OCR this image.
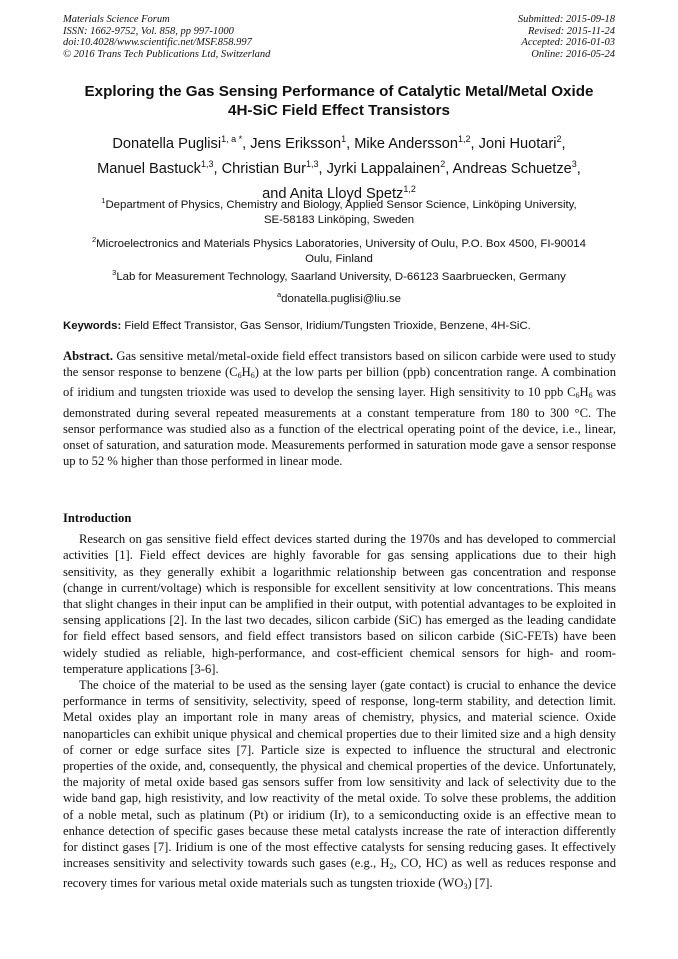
Materials Science Forum
ISSN: 1662-9752, Vol. 858, pp 997-1000
doi:10.4028/www.scientific.net/MSF.858.997
© 2016 Trans Tech Publications Ltd, Switzerland
Submitted: 2015-09-18
Revised: 2015-11-24
Accepted: 2016-01-03
Online: 2016-05-24
Exploring the Gas Sensing Performance of Catalytic Metal/Metal Oxide
4H-SiC Field Effect Transistors
Donatella Puglisi$^{1, a *}$, Jens Eriksson$^1$, Mike Andersson$^{1,2}$, Joni Huotari$^2$,
Manuel Bastuck$^{1,3}$, Christian Bur$^{1,3}$, Jyrki Lappalainen$^2$, Andreas Schuetze$^3$,
and Anita Lloyd Spetz$^{1,2}$
$^1$Department of Physics, Chemistry and Biology, Applied Sensor Science, Linköping University,
SE-58183 Linköping, Sweden
$^2$Microelectronics and Materials Physics Laboratories, University of Oulu, P.O. Box 4500, FI-90014
Oulu, Finland
$^3$Lab for Measurement Technology, Saarland University, D-66123 Saarbruecken, Germany
$^a$donatella.puglisi@liu.se
Keywords: Field Effect Transistor, Gas Sensor, Iridium/Tungsten Trioxide, Benzene, 4H-SiC.

Abstract. Gas sensitive metal/metal-oxide field effect transistors based on silicon carbide were used to study the sensor response to benzene $(C_6H_6)$ at the low parts per billion (ppb) concentration range. A combination of iridium and tungsten trioxide was used to develop the sensing layer. High sensitivity to 10 ppb $C_6H_6$ was demonstrated during several repeated measurements at a constant temperature from 180 to 300 °C. The sensor performance was studied also as a function of the electrical operating point of the device, i.e., linear, onset of saturation, and saturation mode. Measurements performed in saturation mode gave a sensor response up to 52 % higher than those performed in linear mode.

Introduction

Research on gas sensitive field effect devices started during the 1970s and has developed to commercial activities [1]. Field effect devices are highly favorable for gas sensing applications due to their high sensitivity, as they generally exhibit a logarithmic relationship between gas concentration and response (change in current/voltage) which is responsible for excellent sensitivity at low concentrations. This means that slight changes in their input can be amplified in their output, with potential advantages to be exploited in sensing applications [2]. In the last two decades, silicon carbide (SiC) has emerged as the leading candidate for field effect based sensors, and field effect transistors based on silicon carbide (SiC-FETs) have been widely studied as reliable, high-performance, and cost-efficient chemical sensors for high- and room-temperature applications [3-6].

The choice of the material to be used as the sensing layer (gate contact) is crucial to enhance the device performance in terms of sensitivity, selectivity, speed of response, long-term stability, and detection limit. Metal oxides play an important role in many areas of chemistry, physics, and material science. Oxide nanoparticles can exhibit unique physical and chemical properties due to their limited size and a high density of corner or edge surface sites [7]. Particle size is expected to influence the structural and electronic properties of the oxide, and, consequently, the physical and chemical properties of the device. Unfortunately, the majority of metal oxide based gas sensors suffer from low sensitivity and lack of selectivity due to the wide band gap, high resistivity, and low reactivity of the metal oxide. To solve these problems, the addition of a noble metal, such as platinum (Pt) or iridium (Ir), to a semiconducting oxide is an effective mean to enhance detection of specific gases because these metal catalysts increase the rate of interaction differently for distinct gases [7]. Iridium is one of the most effective catalysts for sensing reducing gases. It effectively increases sensitivity and selectivity towards such gases (e.g., $H_2$, CO, HC) as well as reduces response and recovery times for various metal oxide materials such as tungsten trioxide $(WO_3)$ [7].
